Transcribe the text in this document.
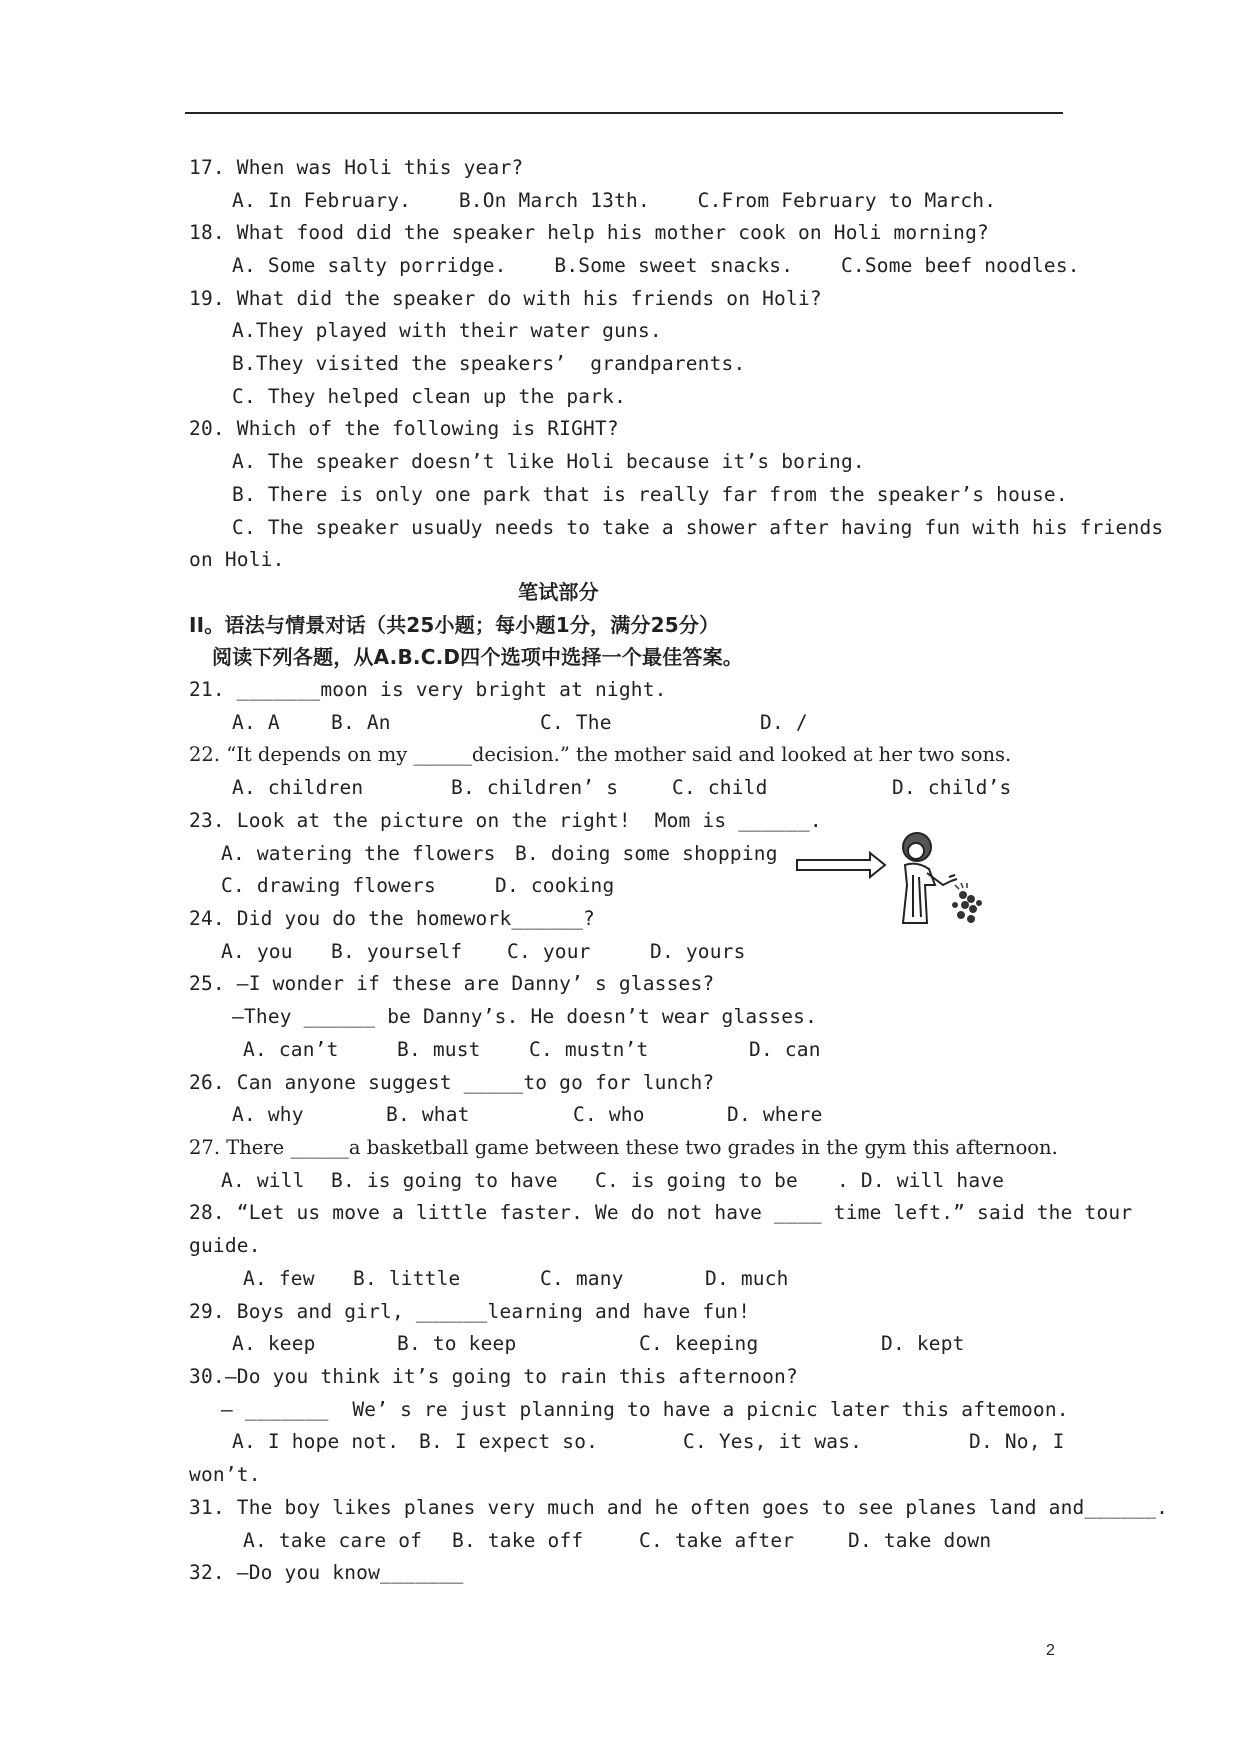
17. When was Holi this year?
A. In February.    B.On March 13th.    C.From February to March.
18. What food did the speaker help his mother cook on Holi morning?
A. Some salty porridge.    B.Some sweet snacks.    C.Some beef noodles.
19. What did the speaker do with his friends on Holi?
A.They played with their water guns.
B.They visited the speakers’  grandparents.
C. They helped clean up the park.
20. Which of the following is RIGHT?
A. The speaker doesn’t like Holi because it’s boring.
B. There is only one park that is really far from the speaker’s house.
C. The speaker usuaUy needs to take a shower after having fun with his friends
on Holi.
笔试部分
II。语法与情景对话（共25小题；每小题1分，满分25分）
阅读下列各题，从A.B.C.D四个选项中选择一个最佳答案。
21. _______moon is very bright at night.
A. A	B. An	C. The	D. /
22. “It depends on my ______decision.” the mother said and looked at her two sons.
A. children	B. children’ s	C. child	D. child’s
23. Look at the picture on the right!  Mom is ______.
A. watering the flowers B. doing some shopping
C. drawing flowers	D. cooking
24. Did you do the homework______?
A. you B. yourself C. your	D. yours
25. —I wonder if these are Danny’ s glasses?
—They ______ be Danny’s. He doesn’t wear glasses.
A. can’t	B. must C. mustn’t	D. can
26. Can anyone suggest _____to go for lunch?
A. why	B. what	C. who	D. where
27. There ______a basketball game between these two grades in the gym this afternoon.
A. will B. is going to have C. is going to be . D. will have
28. “Let us move a little faster. We do not have ____ time left.” said the tour
guide.
A. few B. little	C. many	D. much
29. Boys and girl, ______learning and have fun!
A. keep	B. to keep	C. keeping	D. kept
30.—Do you think it’s going to rain this afternoon?
— _______  We’ s re just planning to have a picnic later this aftemoon.
A. I hope not. B. I expect so.	C. Yes, it was.	D. No, I
won’t.
31. The boy likes planes very much and he often goes to see planes land and______.
A. take care of B. take off	C. take after	D. take down
32. —Do you know_______
2
